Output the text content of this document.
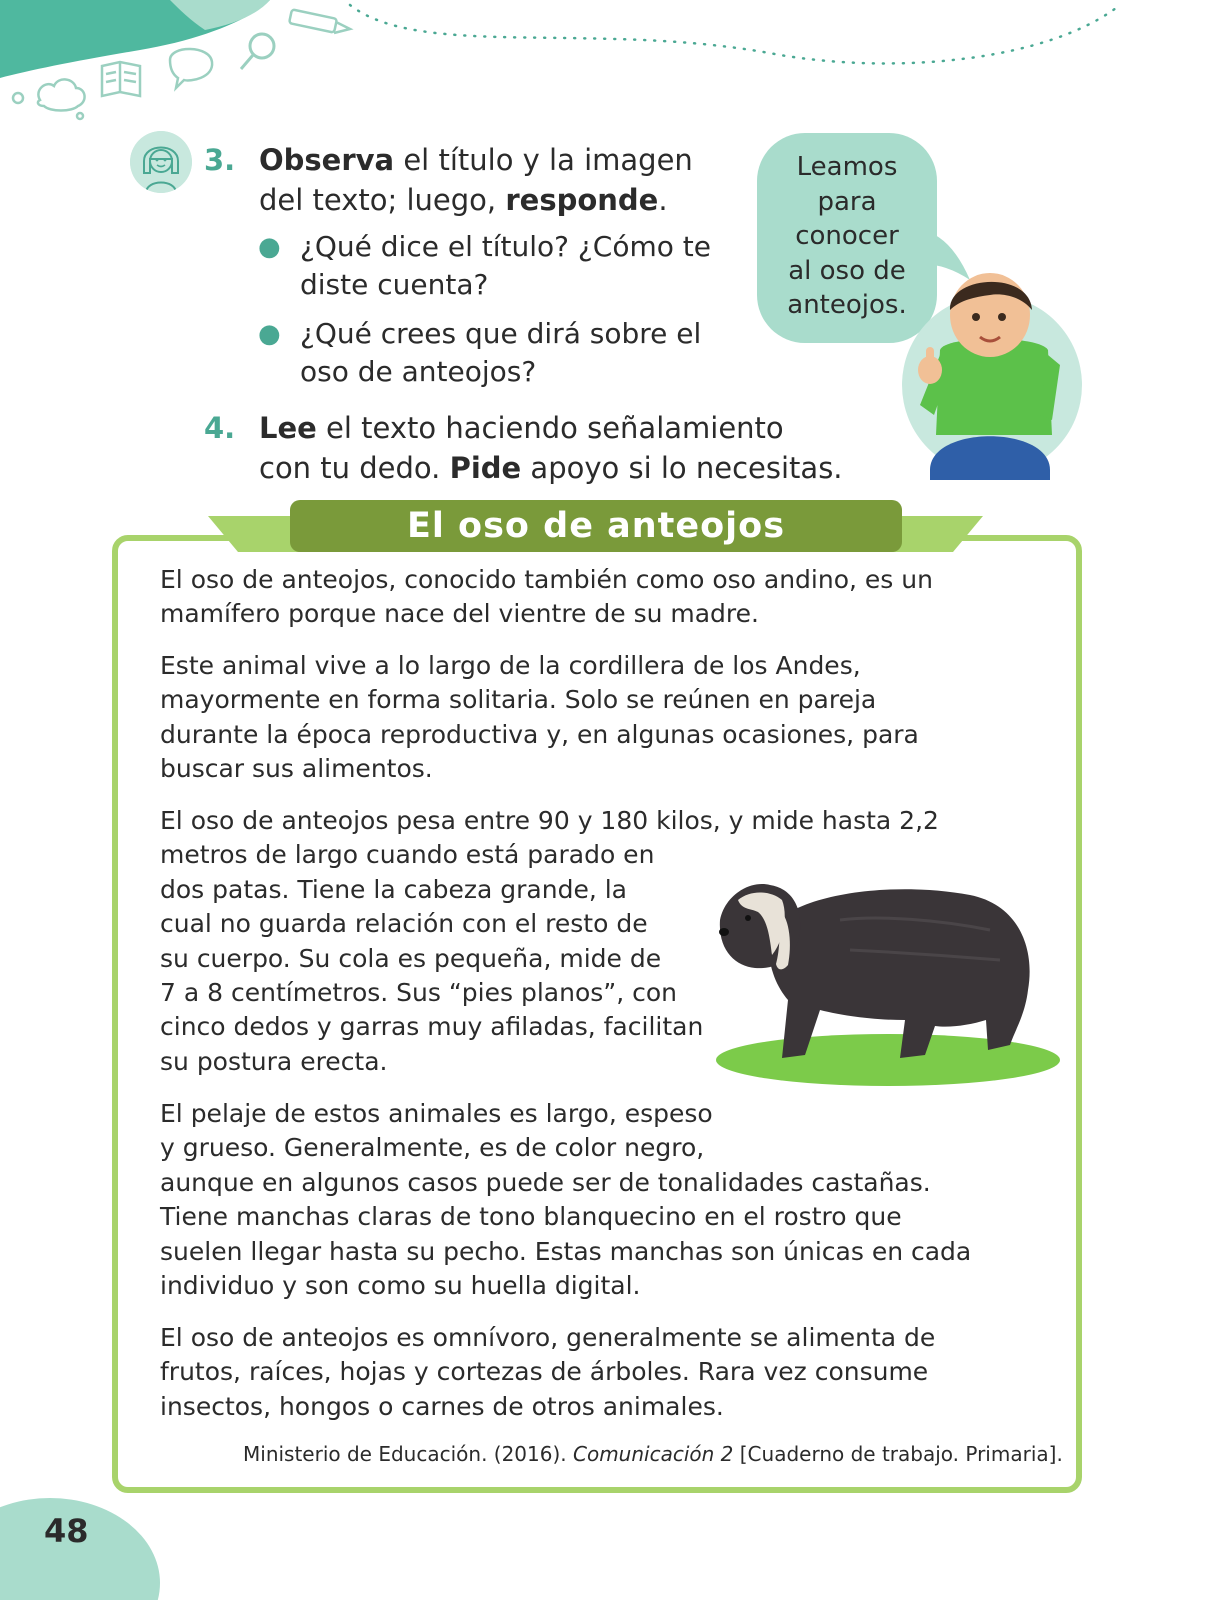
3. Observa el título y la imagen
del texto; luego, responde.
● ¿Qué dice el título? ¿Cómo te
diste cuenta?
● ¿Qué crees que dirá sobre el
oso de anteojos?
4. Lee el texto haciendo señalamiento
con tu dedo. Pide apoyo si lo necesitas.
Leamos
para
conocer
al oso de
anteojos.
El oso de anteojos
El oso de anteojos, conocido también como oso andino, es un
mamífero porque nace del vientre de su madre.
Este animal vive a lo largo de la cordillera de los Andes,
mayormente en forma solitaria. Solo se reúnen en pareja
durante la época reproductiva y, en algunas ocasiones, para
buscar sus alimentos.
El oso de anteojos pesa entre 90 y 180 kilos, y mide hasta 2,2
metros de largo cuando está parado en
dos patas. Tiene la cabeza grande, la
cual no guarda relación con el resto de
su cuerpo. Su cola es pequeña, mide de
7 a 8 centímetros. Sus “pies planos”, con
cinco dedos y garras muy afiladas, facilitan
su postura erecta.
El pelaje de estos animales es largo, espeso
y grueso. Generalmente, es de color negro,
aunque en algunos casos puede ser de tonalidades castañas.
Tiene manchas claras de tono blanquecino en el rostro que
suelen llegar hasta su pecho. Estas manchas son únicas en cada
individuo y son como su huella digital.
El oso de anteojos es omnívoro, generalmente se alimenta de
frutos, raíces, hojas y cortezas de árboles. Rara vez consume
insectos, hongos o carnes de otros animales.
Ministerio de Educación. (2016). Comunicación 2 [Cuaderno de trabajo. Primaria].
48
